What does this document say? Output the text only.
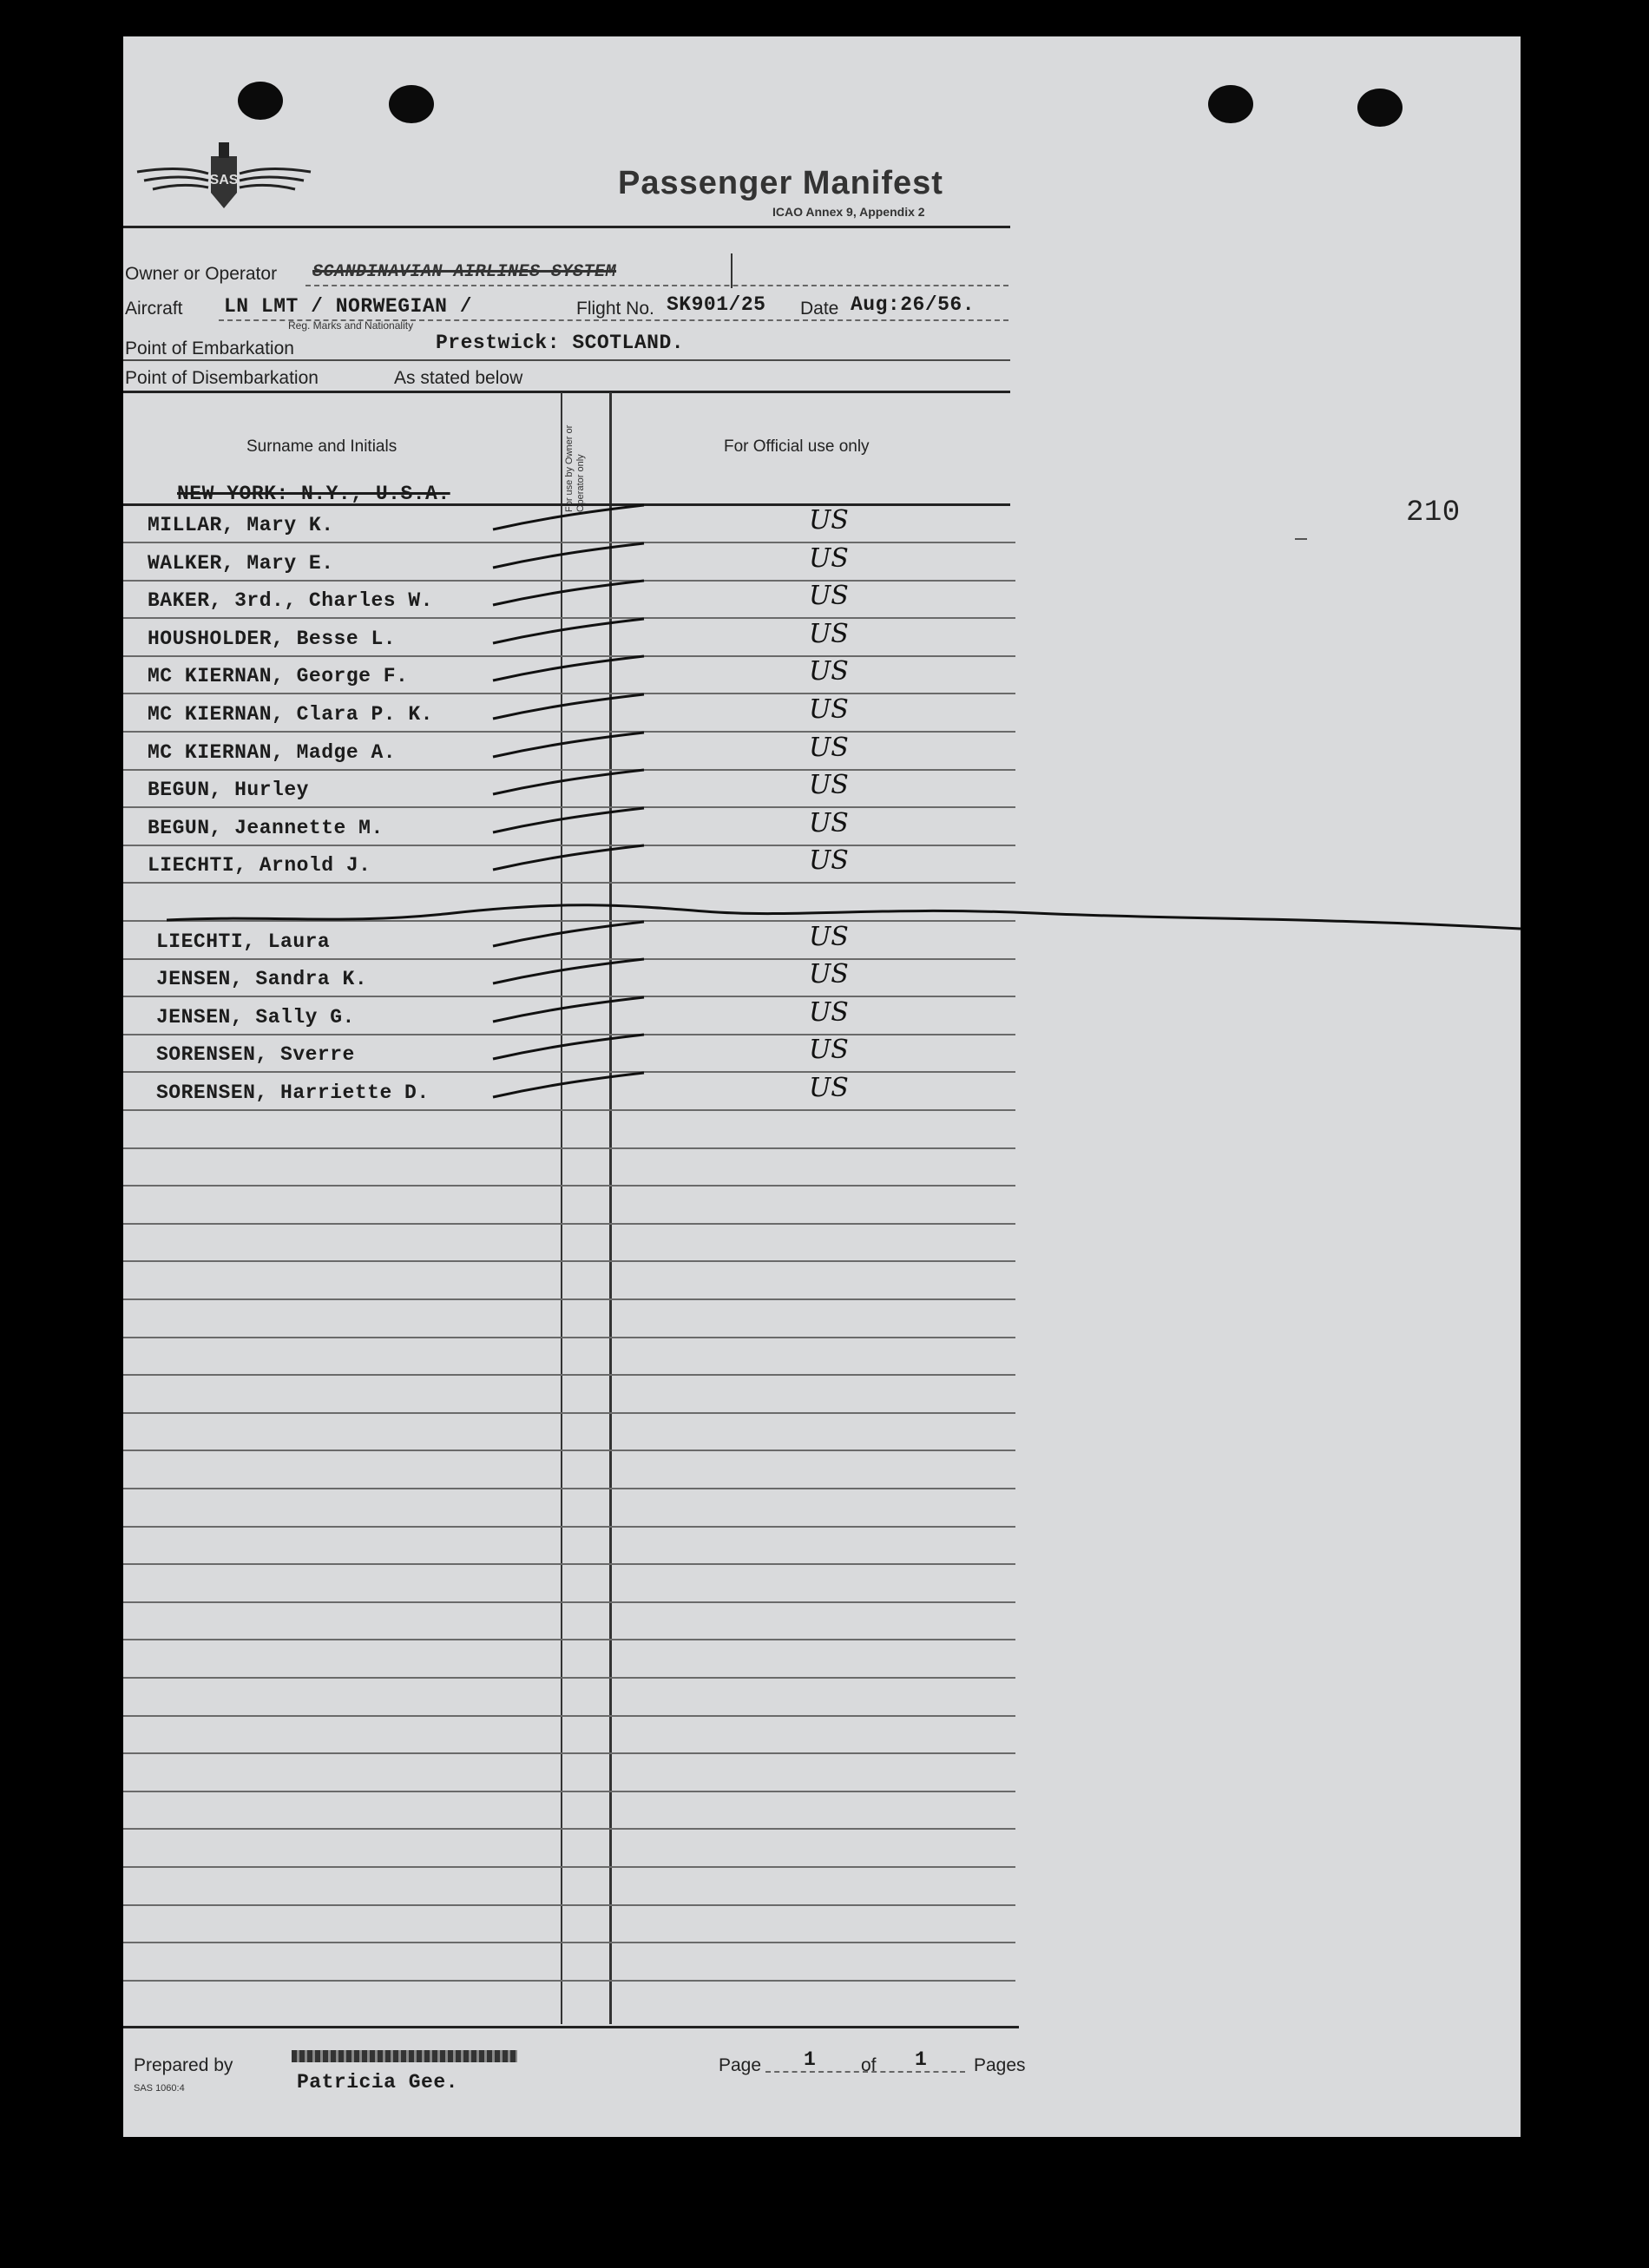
SAS	Passenger Manifest
ICAO Annex 9, Appendix 2
Owner or Operator SCANDINAVIAN AIRLINES SYSTEM
Aircraft LN LMT / NORWEGIAN /
Reg. Marks and Nationality
Flight No. SK901/25 Date Aug:26/56.
Point of Embarkation	Prestwick: SCOTLAND.
Point of Disembarkation	As stated below
Surname and Initials	For use by Owner or Operator only
For Official use only
NEW YORK: N.Y., U.S.A.
MILLAR, Mary K.	US
WALKER, Mary E.	US
BAKER, 3rd., Charles W.	US
HOUSHOLDER, Besse L.	US
MC KIERNAN, George F.	US
MC KIERNAN, Clara P. K.	US
MC KIERNAN, Madge A.	US
BEGUN, Hurley	US
BEGUN, Jeannette M.	US
LIECHTI, Arnold J.	US
LIECHTI, Laura	US
JENSEN, Sandra K.	US
JENSEN, Sally G.	US
SORENSEN, Sverre	US
SORENSEN, Harriette D.	US
210
Prepared by
Patricia Gee.
Page 1 of 1	Pages
SAS 1060:4
